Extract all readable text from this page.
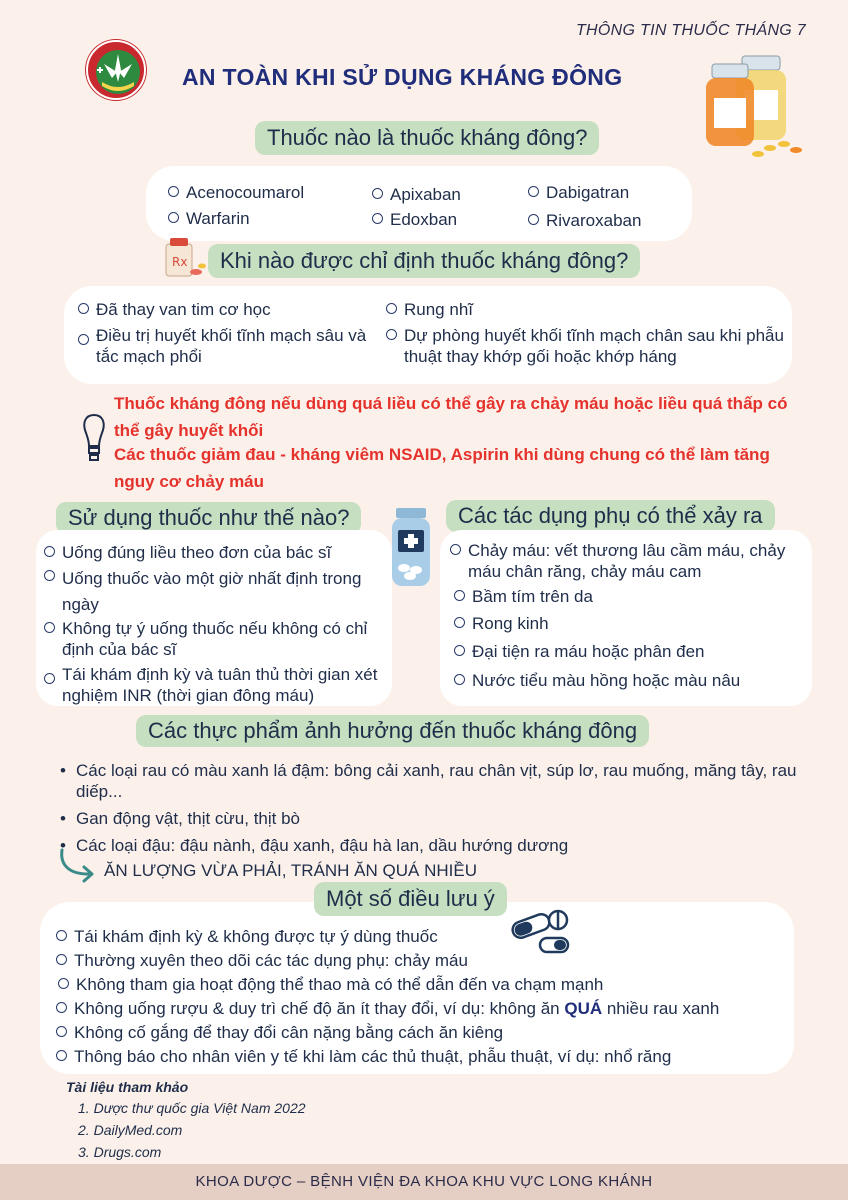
THÔNG TIN THUỐC THÁNG 7
AN TOÀN KHI SỬ DỤNG KHÁNG ĐÔNG
Thuốc nào là thuốc kháng đông?
Acenocoumarol
Warfarin
Apixaban
Edoxban
Dabigatran
Rivaroxaban
Rx	Khi nào được chỉ định thuốc kháng đông?
Đã thay van tim cơ học
Điều trị huyết khối tĩnh mạch sâu và tắc mạch phổi
Rung nhĩ
Dự phòng huyết khối tĩnh mạch chân sau khi phẫu thuật thay khớp gối hoặc khớp háng
Thuốc kháng đông nếu dùng quá liều có thể gây ra chảy máu hoặc liều quá thấp có thể gây huyết khối
Các thuốc giảm đau - kháng viêm NSAID, Aspirin khi dùng chung có thể làm tăng nguy cơ chảy máu
Sử dụng thuốc như thế nào?
Uống đúng liều theo đơn của bác sĩ
Uống thuốc vào một giờ nhất định trong ngày
Không tự ý uống thuốc nếu không có chỉ định của bác sĩ
Tái khám định kỳ và tuân thủ thời gian xét nghiệm INR (thời gian đông máu)
Các tác dụng phụ có thể xảy ra
Chảy máu: vết thương lâu cầm máu, chảy máu chân răng, chảy máu cam
Bầm tím trên da
Rong kinh
Đại tiện ra máu hoặc phân đen
Nước tiểu màu hồng hoặc màu nâu
Các thực phẩm ảnh hưởng đến thuốc kháng đông
• Các loại rau có màu xanh lá đậm: bông cải xanh, rau chân vịt, súp lơ, rau muống, măng tây, rau diếp...
• Gan động vật, thịt cừu, thịt bò
• Các loại đậu: đậu nành, đậu xanh, đậu hà lan, dầu hướng dương
ĂN LƯỢNG VỪA PHẢI, TRÁNH ĂN QUÁ NHIỀU
Một số điều lưu ý
Tái khám định kỳ & không được tự ý dùng thuốc
Thường xuyên theo dõi các tác dụng phụ: chảy máu
Không tham gia hoạt động thể thao mà có thể dẫn đến va chạm mạnh
Không uống rượu & duy trì chế độ ăn ít thay đổi, ví dụ: không ăn QUÁ nhiều rau xanh
Không cố gắng để thay đổi cân nặng bằng cách ăn kiêng
Thông báo cho nhân viên y tế khi làm các thủ thuật, phẫu thuật, ví dụ: nhổ răng
Tài liệu tham khảo
1. Dược thư quốc gia Việt Nam 2022
2. DailyMed.com
3. Drugs.com
KHOA DƯỢC – BỆNH VIỆN ĐA KHOA KHU VỰC LONG KHÁNH
